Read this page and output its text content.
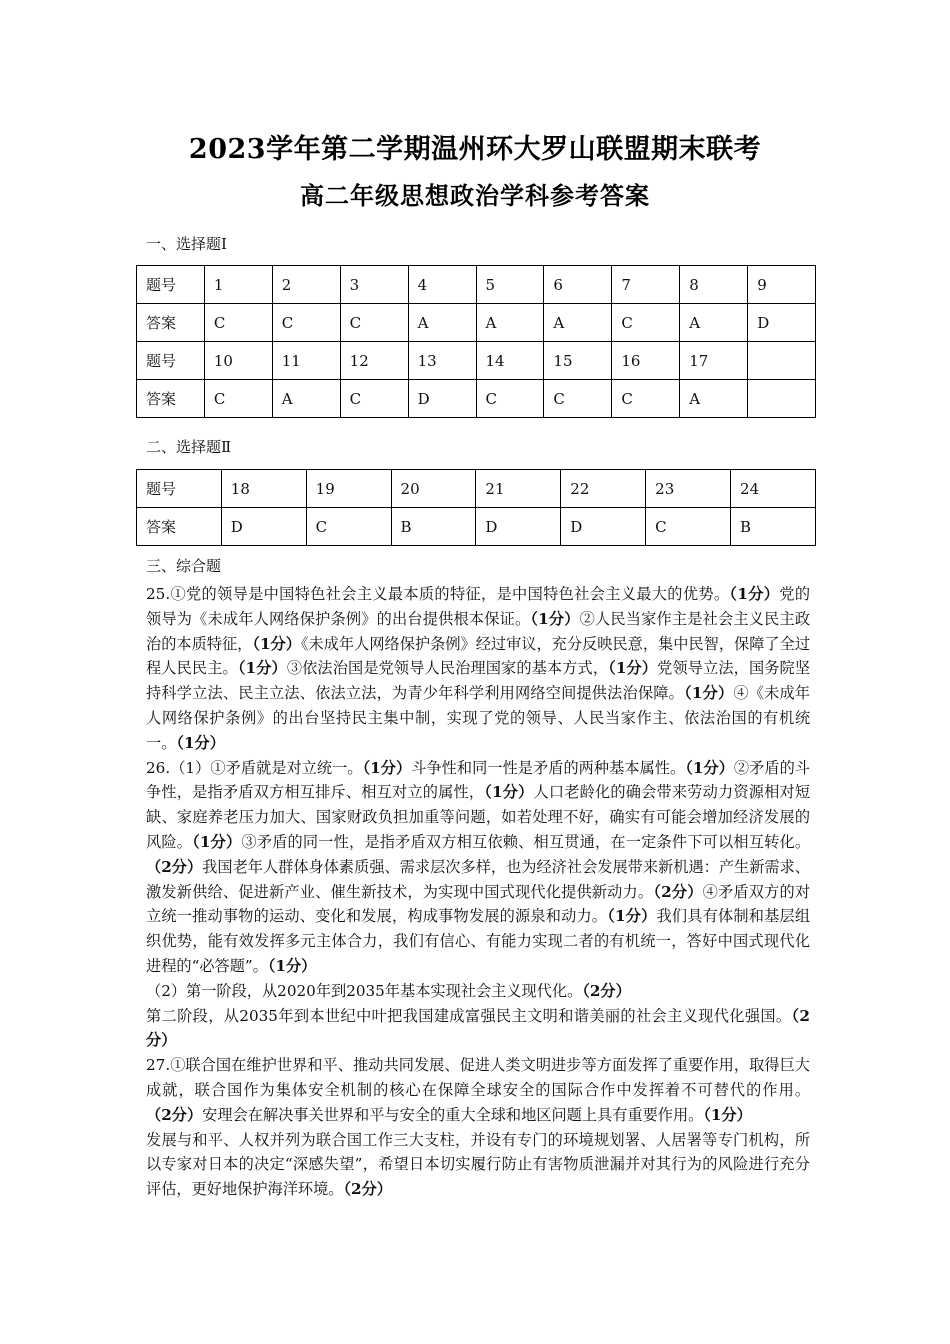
2023学年第二学期温州环大罗山联盟期末联考
高二年级思想政治学科参考答案
一、选择题Ⅰ
题号	1	2	3	4	5	6	7	8	9
答案	C	C	C	A	A	A	C	A	D
题号	10	11	12	13	14	15	16	17	
答案	C	A	C	D	C	C	C	A	
二、选择题Ⅱ
题号	18	19	20	21	22	23	24
答案	D	C	B	D	D	C	B
三、综合题

25.①党的领导是中国特色社会主义最本质的特征，是中国特色社会主义最大的优势。（1分）党的领导为《未成年人网络保护条例》的出台提供根本保证。（1分）②人民当家作主是社会主义民主政治的本质特征，（1分）《未成年人网络保护条例》经过审议，充分反映民意，集中民智，保障了全过程人民民主。（1分）③依法治国是党领导人民治理国家的基本方式，（1分）党领导立法，国务院坚持科学立法、民主立法、依法立法，为青少年科学利用网络空间提供法治保障。（1分）④《未成年人网络保护条例》的出台坚持民主集中制，实现了党的领导、人民当家作主、依法治国的有机统一。（1分）

26.（1）①矛盾就是对立统一。（1分）斗争性和同一性是矛盾的两种基本属性。（1分）②矛盾的斗争性，是指矛盾双方相互排斥、相互对立的属性，（1分）人口老龄化的确会带来劳动力资源相对短缺、家庭养老压力加大、国家财政负担加重等问题，如若处理不好，确实有可能会增加经济发展的风险。（1分）③矛盾的同一性，是指矛盾双方相互依赖、相互贯通，在一定条件下可以相互转化。（2分）我国老年人群体身体素质强、需求层次多样，也为经济社会发展带来新机遇：产生新需求、激发新供给、促进新产业、催生新技术，为实现中国式现代化提供新动力。（2分）④矛盾双方的对立统一推动事物的运动、变化和发展，构成事物发展的源泉和动力。（1分）我们具有体制和基层组织优势，能有效发挥多元主体合力，我们有信心、有能力实现二者的有机统一，答好中国式现代化进程的“必答题”。（1分）

（2）第一阶段，从2020年到2035年基本实现社会主义现代化。（2分）

第二阶段，从2035年到本世纪中叶把我国建成富强民主文明和谐美丽的社会主义现代化强国。（2分）

27.①联合国在维护世界和平、推动共同发展、促进人类文明进步等方面发挥了重要作用，取得巨大成就，联合国作为集体安全机制的核心在保障全球安全的国际合作中发挥着不可替代的作用。（2分）安理会在解决事关世界和平与安全的重大全球和地区问题上具有重要作用。（1分）

发展与和平、人权并列为联合国工作三大支柱，并设有专门的环境规划署、人居署等专门机构，所以专家对日本的决定“深感失望”，希望日本切实履行防止有害物质泄漏并对其行为的风险进行充分评估，更好地保护海洋环境。（2分）
